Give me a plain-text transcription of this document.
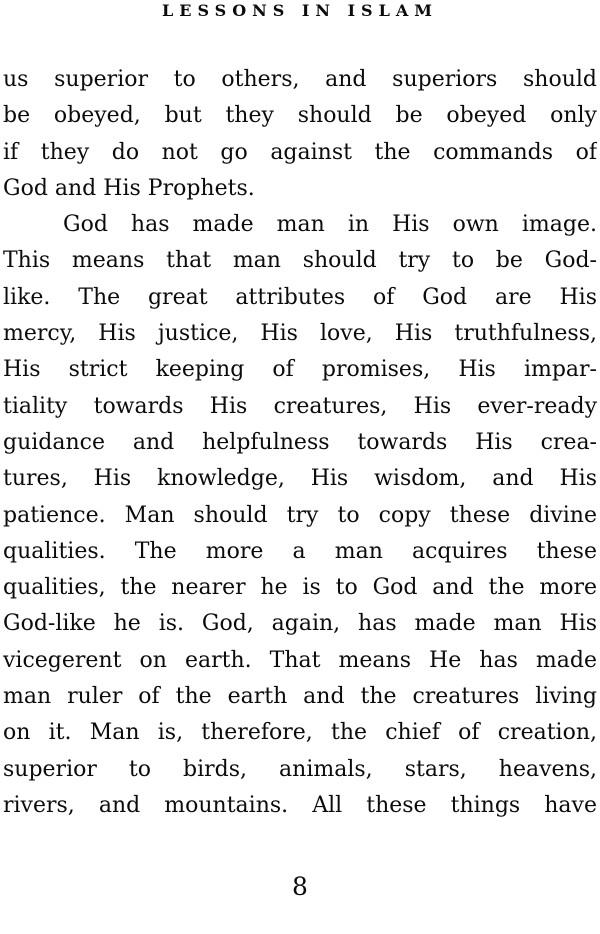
LESSONS IN ISLAM
us superior to others, and superiors should
be obeyed, but they should be obeyed only
if they do not go against the commands of
God and His Prophets.
God has made man in His own image.
This means that man should try to be God-
like. The great attributes of God are His
mercy, His justice, His love, His truthfulness,
His strict keeping of promises, His impar-
tiality towards His creatures, His ever-ready
guidance and helpfulness towards His crea-
tures, His knowledge, His wisdom, and His
patience. Man should try to copy these divine
qualities. The more a man acquires these
qualities, the nearer he is to God and the more
God-like he is. God, again, has made man His
vicegerent on earth. That means He has made
man ruler of the earth and the creatures living
on it. Man is, therefore, the chief of creation,
superior to birds, animals, stars, heavens,
rivers, and mountains. All these things have
8
